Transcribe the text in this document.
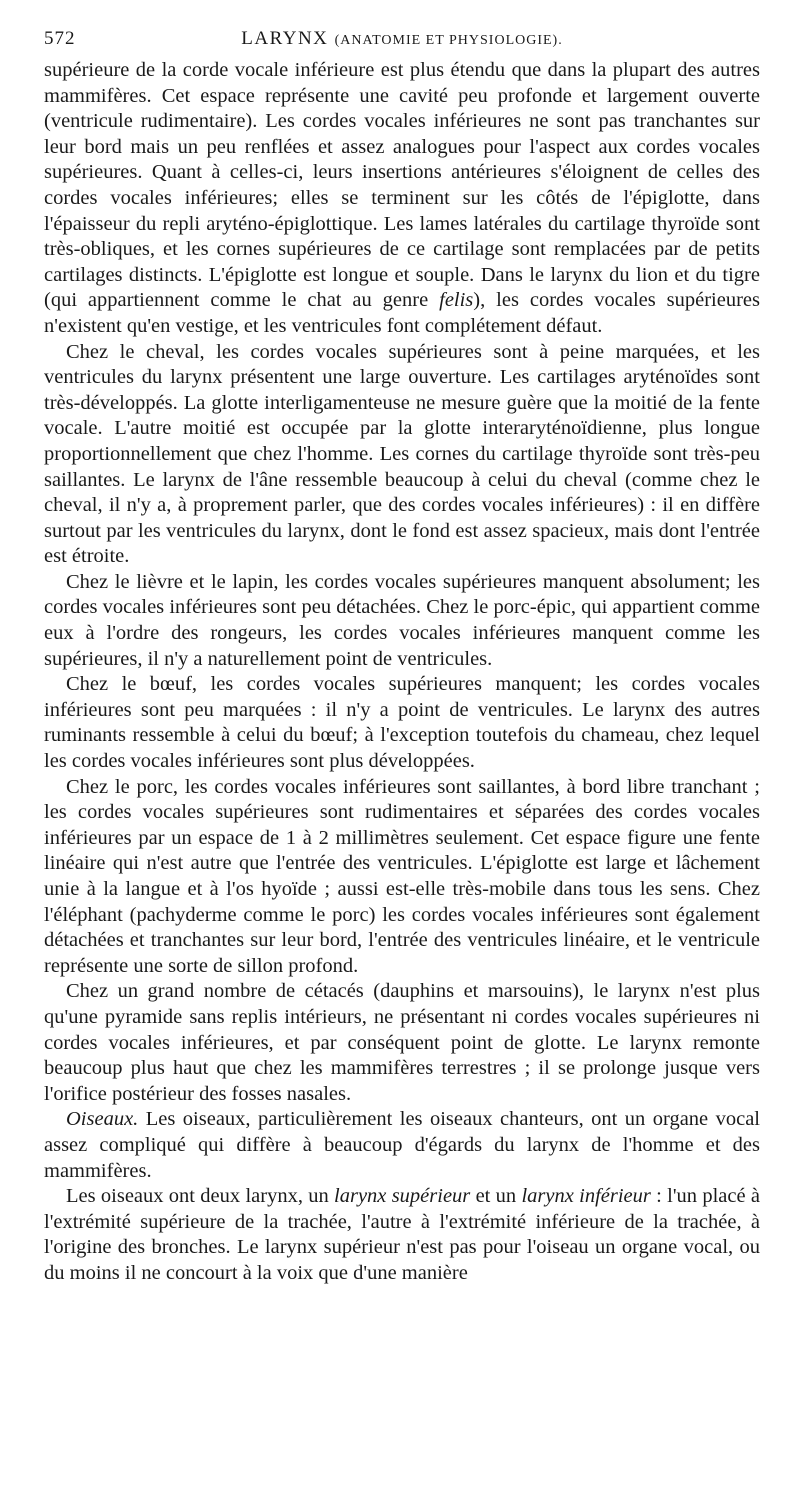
572	LARYNX (ANATOMIE ET PHYSIOLOGIE).

supérieure de la corde vocale inférieure est plus étendu que dans la plupart des autres mammifères. Cet espace représente une cavité peu profonde et largement ouverte (ventricule rudimentaire). Les cordes vocales inférieures ne sont pas tranchantes sur leur bord mais un peu renflées et assez analogues pour l'aspect aux cordes vocales supérieures. Quant à celles-ci, leurs insertions antérieures s'éloignent de celles des cordes vocales inférieures; elles se terminent sur les côtés de l'épiglotte, dans l'épaisseur du repli aryténo-épiglottique. Les lames latérales du cartilage thyroïde sont très-obliques, et les cornes supérieures de ce cartilage sont remplacées par de petits cartilages distincts. L'épiglotte est longue et souple. Dans le larynx du lion et du tigre (qui appartiennent comme le chat au genre felis), les cordes vocales supérieures n'existent qu'en vestige, et les ventricules font complétement défaut.

Chez le cheval, les cordes vocales supérieures sont à peine marquées, et les ventricules du larynx présentent une large ouverture. Les cartilages aryténoïdes sont très-développés. La glotte interligamenteuse ne mesure guère que la moitié de la fente vocale. L'autre moitié est occupée par la glotte interaryténoïdienne, plus longue proportionnellement que chez l'homme. Les cornes du cartilage thyroïde sont très-peu saillantes. Le larynx de l'âne ressemble beaucoup à celui du cheval (comme chez le cheval, il n'y a, à proprement parler, que des cordes vocales inférieures) : il en diffère surtout par les ventricules du larynx, dont le fond est assez spacieux, mais dont l'entrée est étroite.

Chez le lièvre et le lapin, les cordes vocales supérieures manquent absolument; les cordes vocales inférieures sont peu détachées. Chez le porc-épic, qui appartient comme eux à l'ordre des rongeurs, les cordes vocales inférieures manquent comme les supérieures, il n'y a naturellement point de ventricules.

Chez le bœuf, les cordes vocales supérieures manquent; les cordes vocales inférieures sont peu marquées : il n'y a point de ventricules. Le larynx des autres ruminants ressemble à celui du bœuf; à l'exception toutefois du chameau, chez lequel les cordes vocales inférieures sont plus développées.

Chez le porc, les cordes vocales inférieures sont saillantes, à bord libre tranchant ; les cordes vocales supérieures sont rudimentaires et séparées des cordes vocales inférieures par un espace de 1 à 2 millimètres seulement. Cet espace figure une fente linéaire qui n'est autre que l'entrée des ventricules. L'épiglotte est large et lâchement unie à la langue et à l'os hyoïde ; aussi est-elle très-mobile dans tous les sens. Chez l'éléphant (pachyderme comme le porc) les cordes vocales inférieures sont également détachées et tranchantes sur leur bord, l'entrée des ventricules linéaire, et le ventricule représente une sorte de sillon profond.

Chez un grand nombre de cétacés (dauphins et marsouins), le larynx n'est plus qu'une pyramide sans replis intérieurs, ne présentant ni cordes vocales supérieures ni cordes vocales inférieures, et par conséquent point de glotte. Le larynx remonte beaucoup plus haut que chez les mammifères terrestres ; il se prolonge jusque vers l'orifice postérieur des fosses nasales.

Oiseaux. Les oiseaux, particulièrement les oiseaux chanteurs, ont un organe vocal assez compliqué qui diffère à beaucoup d'égards du larynx de l'homme et des mammifères.

Les oiseaux ont deux larynx, un larynx supérieur et un larynx inférieur : l'un placé à l'extrémité supérieure de la trachée, l'autre à l'extrémité inférieure de la trachée, à l'origine des bronches. Le larynx supérieur n'est pas pour l'oiseau un organe vocal, ou du moins il ne concourt à la voix que d'une manière
